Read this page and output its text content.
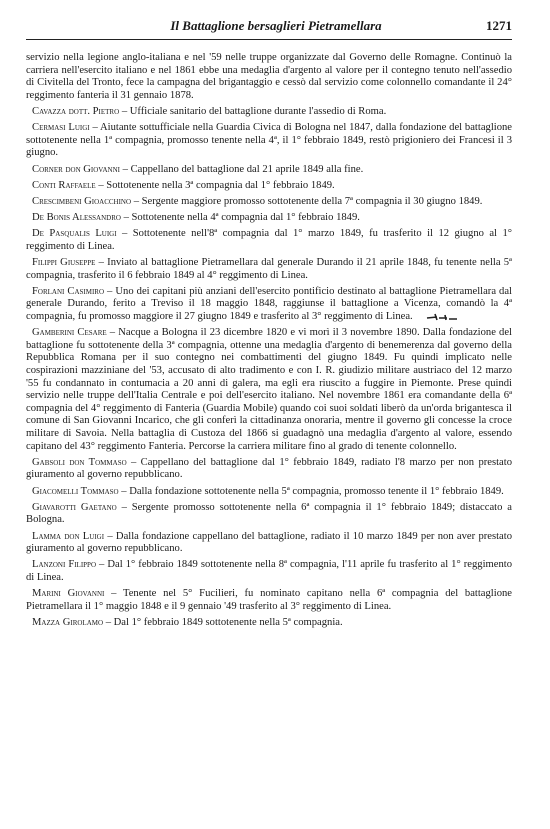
Il Battaglione bersaglieri Pietramellara	1271

servizio nella legione anglo-italiana e nel '59 nelle truppe organizzate dal Governo delle Romagne. Continuò la carriera nell'esercito italiano e nel 1861 ebbe una medaglia d'argento al valore per il contegno tenuto nell'assedio di Civitella del Tronto, fece la campagna del brigantaggio e cessò dal servizio come colonnello comandante il 24° reggimento fanteria il 31 gennaio 1878.

Cavazza dott. Pietro – Ufficiale sanitario del battaglione durante l'assedio di Roma.

Cermasi Luigi – Aiutante sottufficiale nella Guardia Civica di Bologna nel 1847, dalla fondazione del battaglione sottotenente nella 1ª compagnia, promosso tenente nella 4ª, il 1° febbraio 1849, restò prigioniero dei Francesi il 3 giugno.

Corner don Giovanni – Cappellano del battaglione dal 21 aprile 1849 alla fine.

Conti Raffaele – Sottotenente nella 3ª compagnia dal 1° febbraio 1849.

Crescimbeni Gioacchino – Sergente maggiore promosso sottotenente della 7ª compagnia il 30 giugno 1849.

De Bonis Alessandro – Sottotenente nella 4ª compagnia dal 1° febbraio 1849.

De Pasqualis Luigi – Sottotenente nell'8ª compagnia dal 1° marzo 1849, fu trasferito il 12 giugno al 1° reggimento di Linea.

Filippi Giuseppe – Inviato al battaglione Pietramellara dal generale Durando il 21 aprile 1848, fu tenente nella 5ª compagnia, trasferito il 6 febbraio 1849 al 4° reggimento di Linea.

Forlani Casimiro – Uno dei capitani più anziani dell'esercito pontificio destinato al battaglione Pietramellara dal generale Durando, ferito a Treviso il 18 maggio 1848, raggiunse il battaglione a Vicenza, comandò la 4ª compagnia, fu promosso maggiore il 27 giugno 1849 e trasferito al 3° reggimento di Linea.

Gamberini Cesare – Nacque a Bologna il 23 dicembre 1820 e vi morì il 3 novembre 1890. Dalla fondazione del battaglione fu sottotenente della 3ª compagnia, ottenne una medaglia d'argento di benemerenza dal governo della Repubblica Romana per il suo contegno nei combattimenti del giugno 1849. Fu quindi implicato nelle cospirazioni mazziniane del '53, accusato di alto tradimento e con I. R. giudizio militare austriaco del 12 marzo '55 fu condannato in contumacia a 20 anni di galera, ma egli era riuscito a fuggire in Piemonte. Prese quindi servizio nelle truppe dell'Italia Centrale e poi dell'esercito italiano. Nel novembre 1861 era comandante della 6ª compagnia del 4° reggimento di Fanteria (Guardia Mobile) quando coi suoi soldati liberò da un'orda brigantesca il comune di San Giovanni Incarico, che gli conferì la cittadinanza onoraria, mentre il governo gli concesse la croce militare di Savoia. Nella battaglia di Custoza del 1866 si guadagnò una medaglia d'argento al valore, essendo capitano del 43° reggimento Fanteria. Percorse la carriera militare fino al grado di tenente colonnello.

Gabsoli don Tommaso – Cappellano del battaglione dal 1° febbraio 1849, radiato l'8 marzo per non prestato giuramento al governo repubblicano.

Giacomelli Tommaso – Dalla fondazione sottotenente nella 5ª compagnia, promosso tenente il 1° febbraio 1849.

Giavarotti Gaetano – Sergente promosso sottotenente nella 6ª compagnia il 1° febbraio 1849; distaccato a Bologna.

Lamma don Luigi – Dalla fondazione cappellano del battaglione, radiato il 10 marzo 1849 per non aver prestato giuramento al governo repubblicano.

Lanzoni Filippo – Dal 1° febbraio 1849 sottotenente nella 8ª compagnia, l'11 aprile fu trasferito al 1° reggimento di Linea.

Marini Giovanni – Tenente nel 5° Fucilieri, fu nominato capitano nella 6ª compagnia del battaglione Pietramellara il 1° maggio 1848 e il 9 gennaio '49 trasferito al 3° reggimento di Linea.

Mazza Girolamo – Dal 1° febbraio 1849 sottotenente nella 5ª compagnia.
